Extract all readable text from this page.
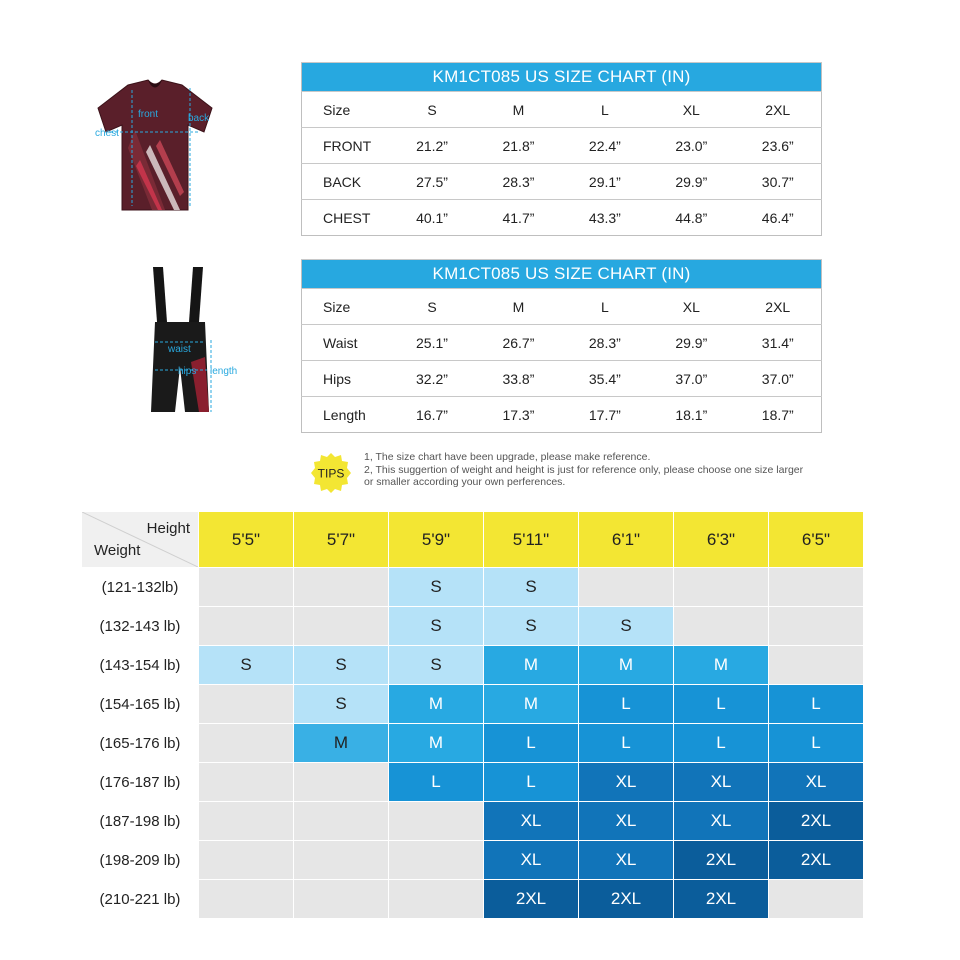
front	back
chest
waist
hips length
KM1CT085 US SIZE CHART (IN)					
Size	S	M	L	XL	2XL
FRONT	21.2”	21.8”	22.4”	23.0”	23.6”
BACK	27.5”	28.3”	29.1”	29.9”	30.7”
CHEST	40.1”	41.7”	43.3”	44.8”	46.4”
KM1CT085 US SIZE CHART (IN)					
Size	S	M	L	XL	2XL
Waist	25.1”	26.7”	28.3”	29.9”	31.4”
Hips	32.2”	33.8”	35.4”	37.0”	37.0”
Length	16.7”	17.3”	17.7”	18.1”	18.7”
TIPS
1, The size chart have been upgrade, please make reference.
2, This suggertion of weight and height is just for reference only, please choose one size larger or smaller according your own perferences.
Height
Weight	5'5"	5'7"	5'9"	5'11"	6'1"	6'3"	6'5"
(121-132lb)			S	S			
(132-143 lb)			S	S	S		
(143-154 lb)	S	S	S	M	M	M	
(154-165 lb)		S	M	M	L	L	L
(165-176 lb)		M	M	L	L	L	L
(176-187 lb)			L	L	XL	XL	XL
(187-198 lb)				XL	XL	XL	2XL
(198-209 lb)				XL	XL	2XL	2XL
(210-221 lb)				2XL	2XL	2XL	
